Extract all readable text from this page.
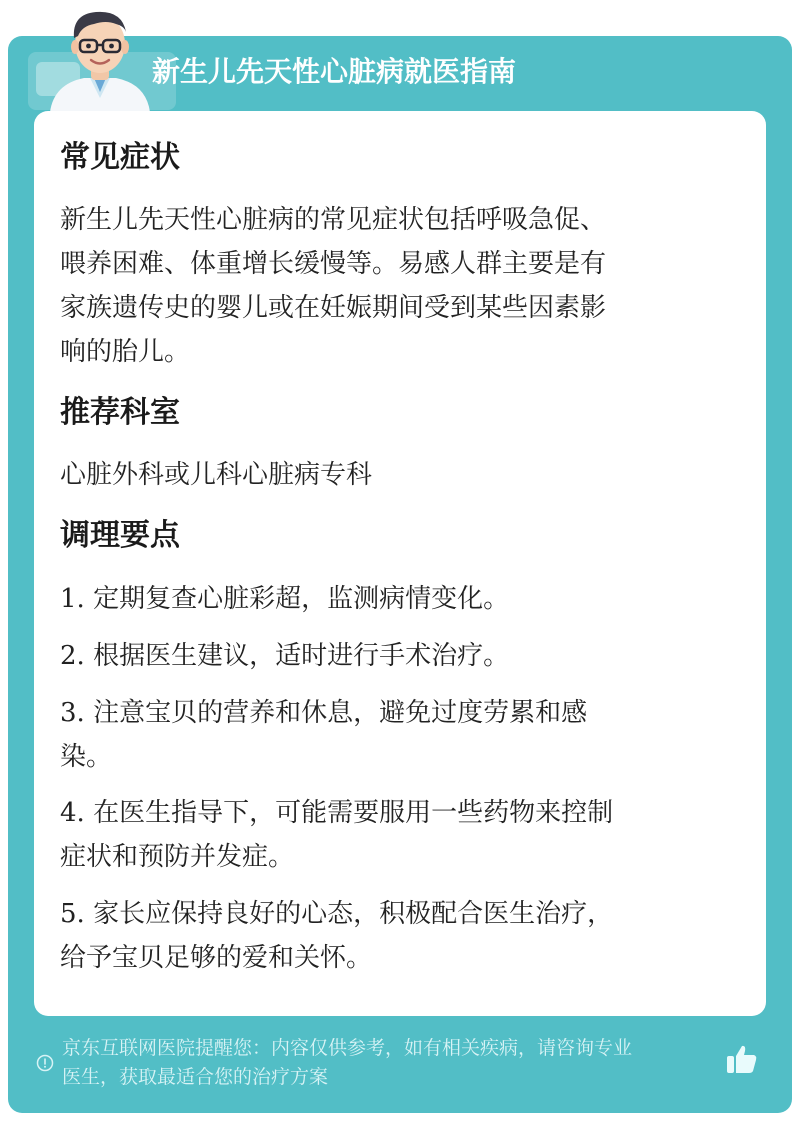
新生儿先天性心脏病就医指南
常见症状
新生儿先天性心脏病的常见症状包括呼吸急促、
喂养困难、体重增长缓慢等。易感人群主要是有
家族遗传史的婴儿或在妊娠期间受到某些因素影
响的胎儿。
推荐科室
心脏外科或儿科心脏病专科
调理要点
1. 定期复查心脏彩超，监测病情变化。
2. 根据医生建议，适时进行手术治疗。
3. 注意宝贝的营养和休息，避免过度劳累和感
染。
4. 在医生指导下，可能需要服用一些药物来控制
症状和预防并发症。
5. 家长应保持良好的心态，积极配合医生治疗，
给予宝贝足够的爱和关怀。
京东互联网医院提醒您：内容仅供参考，如有相关疾病，请咨询专业
医生，获取最适合您的治疗方案
